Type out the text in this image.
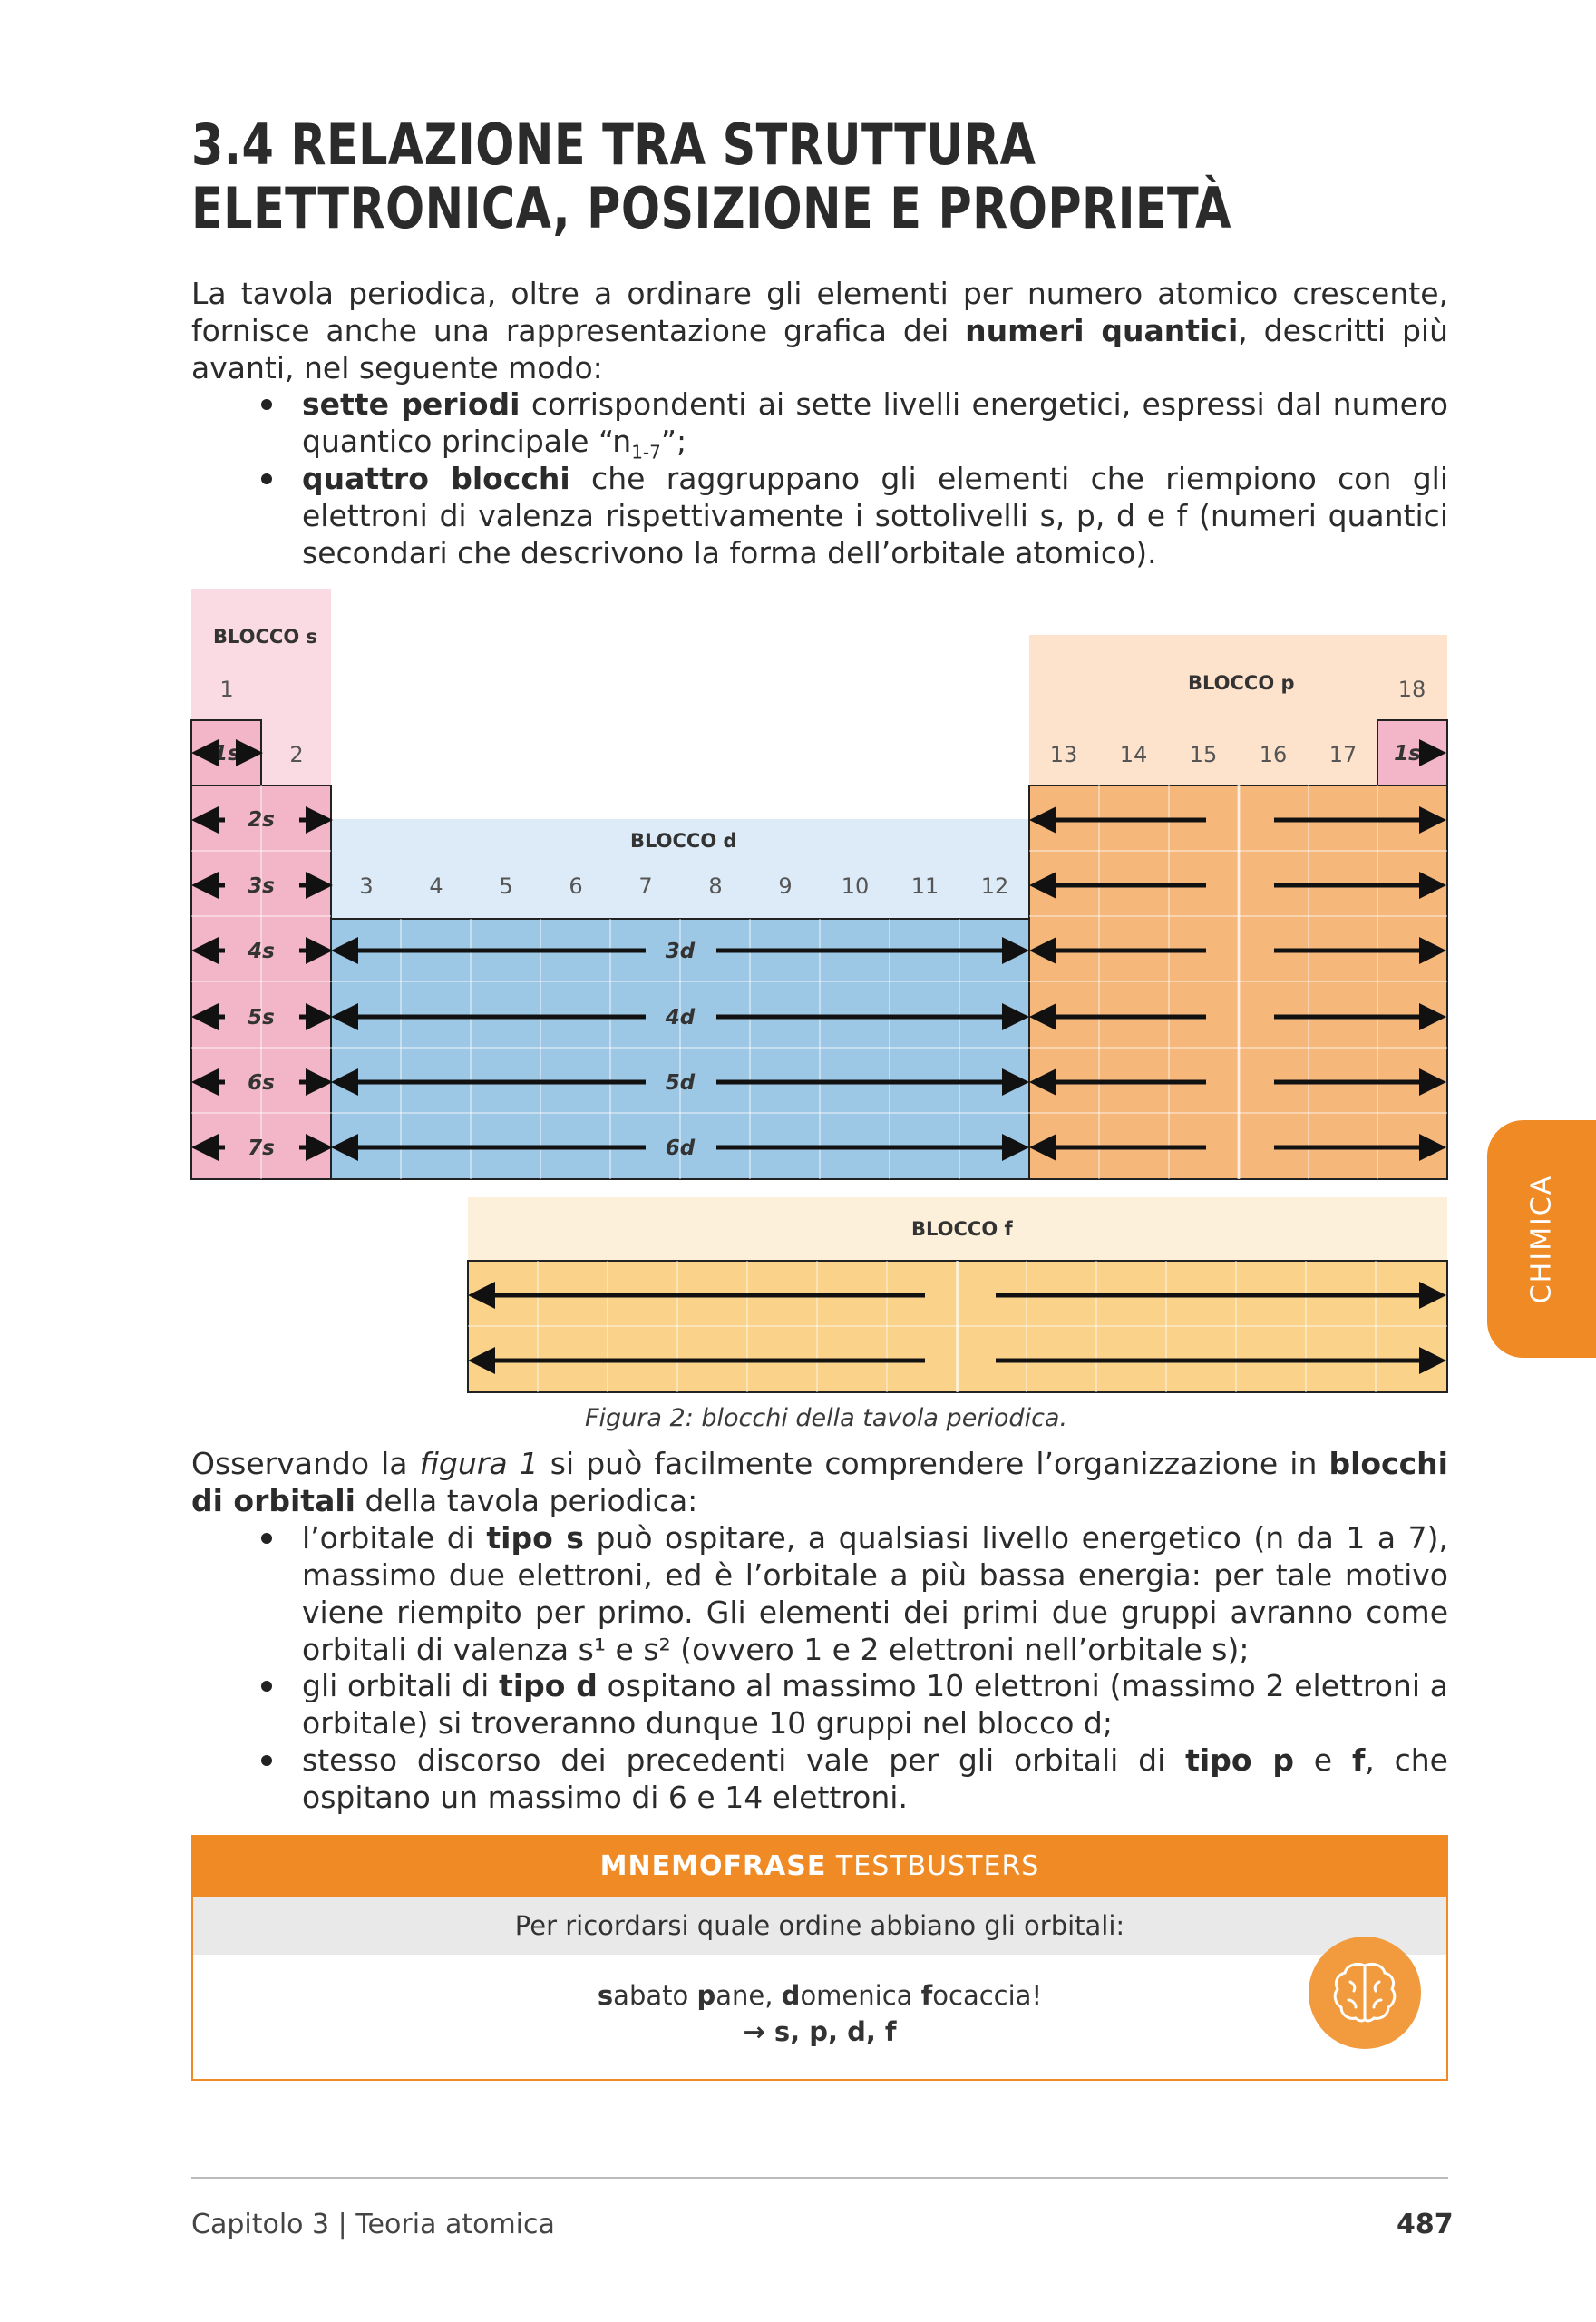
3.4 RELAZIONE TRA STRUTTURA ELETTRONICA, POSIZIONE E PROPRIETÀ
La tavola periodica, oltre a ordinare gli elementi per numero atomico crescente, fornisce anche una rappresentazione grafica dei numeri quantici, descritti più avanti, nel seguente modo:
sette periodi corrispondenti ai sette livelli energetici, espressi dal numero quantico principale “$n_{1-7}$”;
quattro blocchi che raggruppano gli elementi che riempiono con gli elettroni di valenza rispettivamente i sottolivelli s, p, d e f (numeri quantici secondari che descrivono la forma dell’orbitale atomico).
BLOCCO s
BLOCCO p
BLOCCO d
BLOCCO f
1
2
18
3	4	5	6	7	8	9 10 11 12
13 14 15 16 17
1s
2s
3s
4s
5s
6s
7s
1s
3d
4d
5d
6d
Figura 2: blocchi della tavola periodica.
Osservando la figura 1 si può facilmente comprendere l’organizzazione in blocchi di orbitali della tavola periodica:
l’orbitale di tipo s può ospitare, a qualsiasi livello energetico (n da 1 a 7), massimo due elettroni, ed è l’orbitale a più bassa energia: per tale motivo viene riempito per primo. Gli elementi dei primi due gruppi avranno come orbitali di valenza s¹ e s² (ovvero 1 e 2 elettroni nell’orbitale s);
gli orbitali di tipo d ospitano al massimo 10 elettroni (massimo 2 elettroni a orbitale) si troveranno dunque 10 gruppi nel blocco d;
stesso discorso dei precedenti vale per gli orbitali di tipo p e f, che ospitano un massimo di 6 e 14 elettroni.
CHIMICA
MNEMOFRASE TESTBUSTERS
Per ricordarsi quale ordine abbiano gli orbitali:
sabato pane, domenica focaccia!
→ s, p, d, f
Capitolo 3 | Teoria atomica	487
